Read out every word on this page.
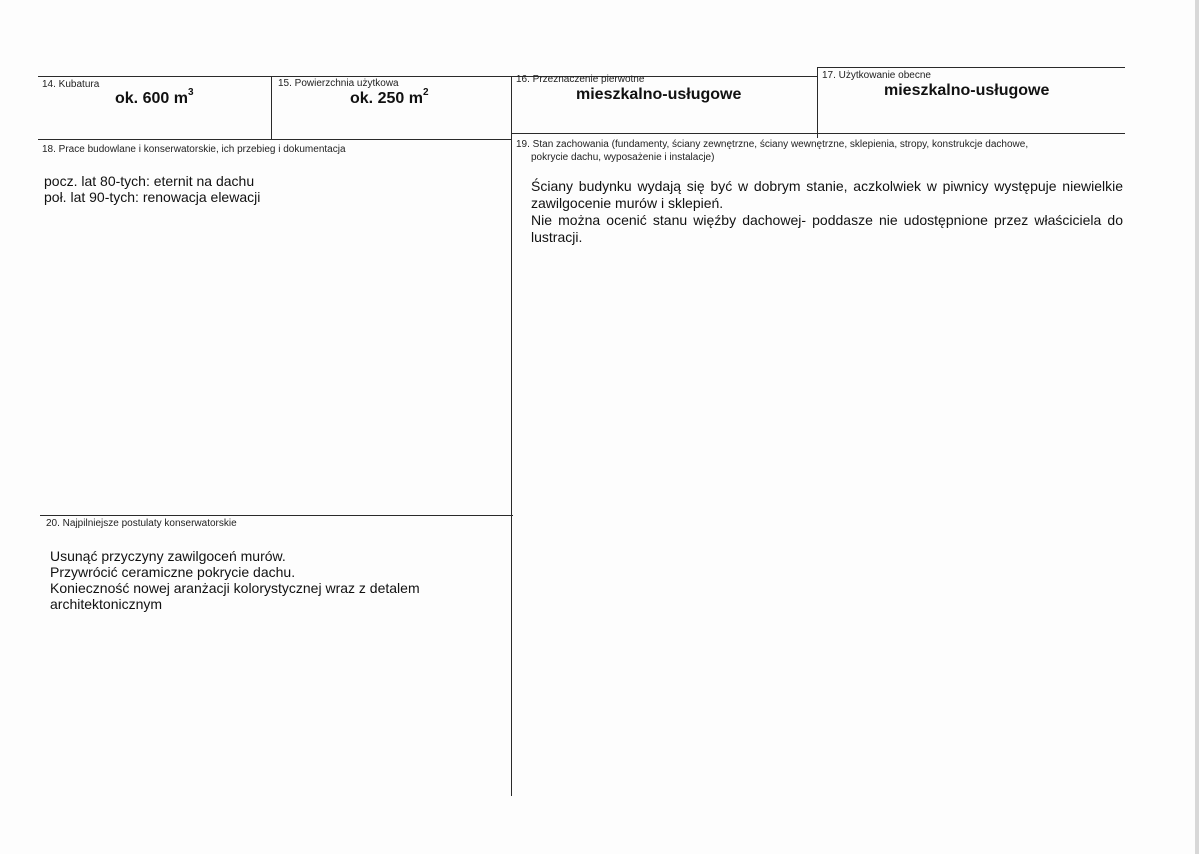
14. Kubatura
ok. 600 $m^3$
15. Powierzchnia użytkowa
ok. 250 $m^2$
16. Przeznaczenie pierwotne
mieszkalno-usługowe
17. Użytkowanie obecne
mieszkalno-usługowe
18. Prace budowlane i konserwatorskie, ich przebieg i dokumentacja
pocz. lat 80-tych: eternit na dachu
poł. lat 90-tych: renowacja elewacji
19. Stan zachowania (fundamenty, ściany zewnętrzne, ściany wewnętrzne, sklepienia, stropy, konstrukcje dachowe,
pokrycie dachu, wyposażenie i instalacje)
Ściany budynku wydają się być w dobrym stanie, aczkolwiek w piwnicy występuje niewielkie zawilgocenie murów i sklepień.
Nie można ocenić stanu więźby dachowej- poddasze nie udostępnione przez właściciela do lustracji.
20. Najpilniejsze postulaty konserwatorskie
Usunąć przyczyny zawilgoceń murów.
Przywrócić ceramiczne pokrycie dachu.
Konieczność nowej aranżacji kolorystycznej wraz z detalem
architektonicznym
